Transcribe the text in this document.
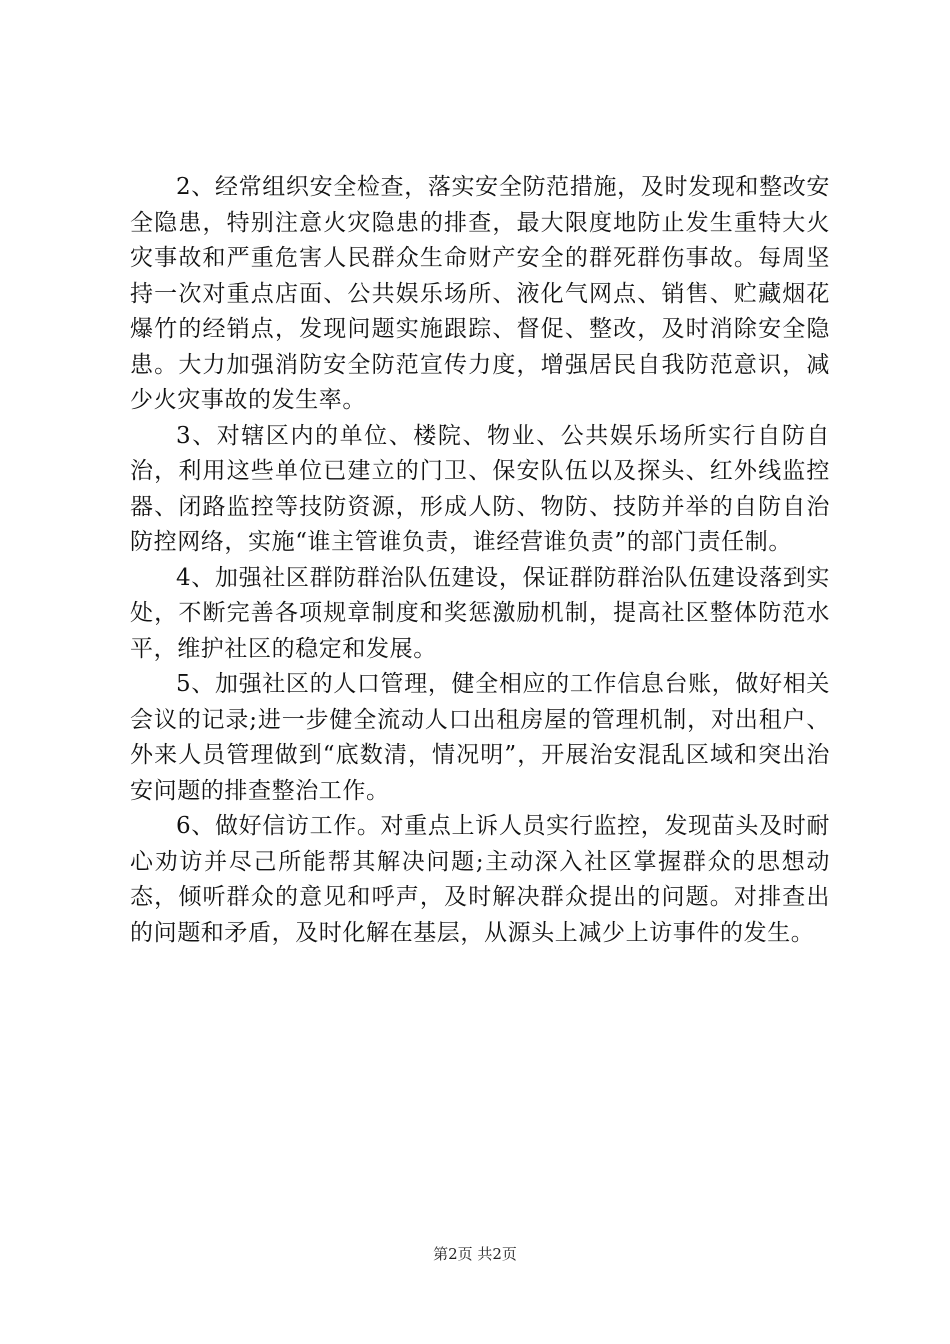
2、经常组织安全检查，落实安全防范措施，及时发现和整改安全隐患，特别注意火灾隐患的排查，最大限度地防止发生重特大火灾事故和严重危害人民群众生命财产安全的群死群伤事故。每周坚持一次对重点店面、公共娱乐场所、液化气网点、销售、贮藏烟花爆竹的经销点，发现问题实施跟踪、督促、整改，及时消除安全隐患。大力加强消防安全防范宣传力度，增强居民自我防范意识，减少火灾事故的发生率。

3、对辖区内的单位、楼院、物业、公共娱乐场所实行自防自治，利用这些单位已建立的门卫、保安队伍以及探头、红外线监控器、闭路监控等技防资源，形成人防、物防、技防并举的自防自治防控网络，实施“谁主管谁负责，谁经营谁负责”的部门责任制。

4、加强社区群防群治队伍建设，保证群防群治队伍建设落到实处，不断完善各项规章制度和奖惩激励机制，提高社区整体防范水平，维护社区的稳定和发展。

5、加强社区的人口管理，健全相应的工作信息台账，做好相关会议的记录;进一步健全流动人口出租房屋的管理机制，对出租户、外来人员管理做到“底数清，情况明”，开展治安混乱区域和突出治安问题的排查整治工作。

6、做好信访工作。对重点上诉人员实行监控，发现苗头及时耐心劝访并尽己所能帮其解决问题;主动深入社区掌握群众的思想动态，倾听群众的意见和呼声，及时解决群众提出的问题。对排查出的问题和矛盾，及时化解在基层，从源头上减少上访事件的发生。

第2页 共2页
